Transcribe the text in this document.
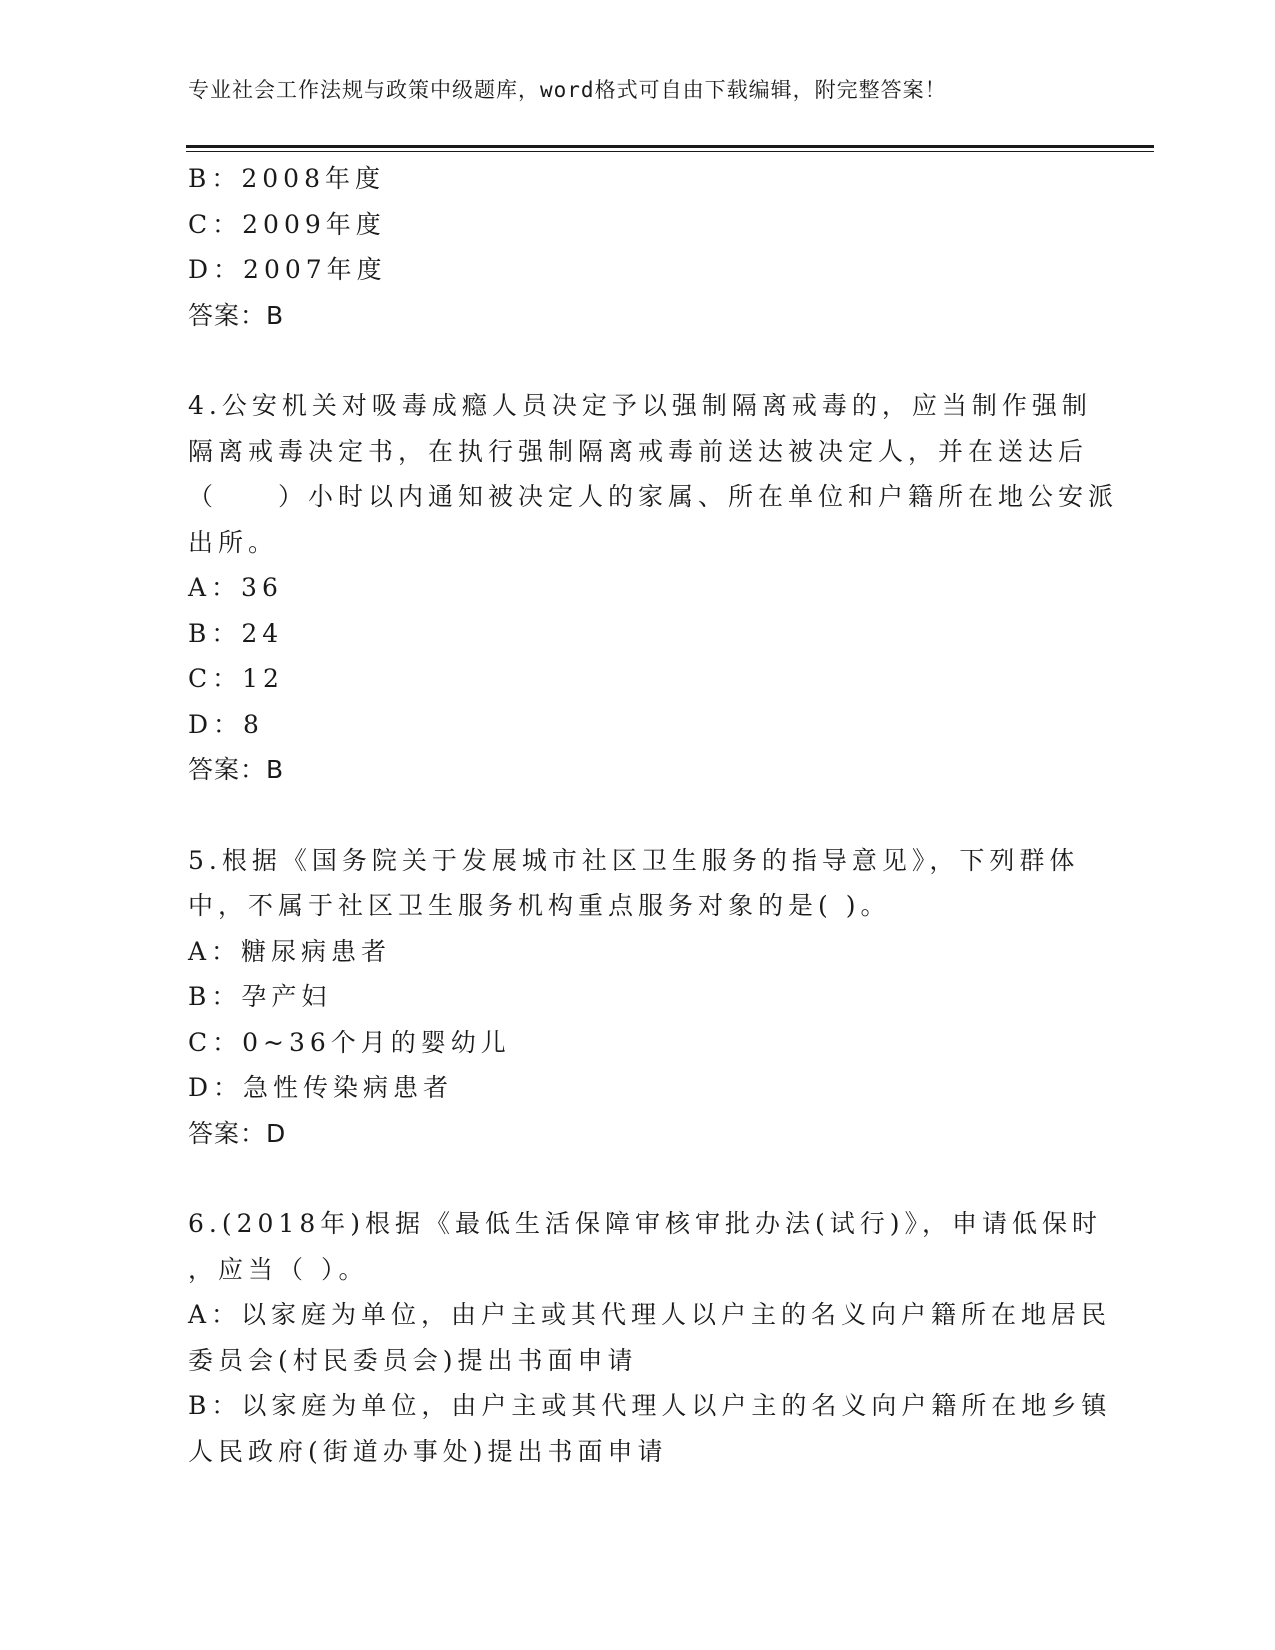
专业社会工作法规与政策中级题库，word格式可自由下载编辑，附完整答案！
B：2008年度
C：2009年度
D：2007年度
答案：B
4.公安机关对吸毒成瘾人员决定予以强制隔离戒毒的，应当制作强制
隔离戒毒决定书，在执行强制隔离戒毒前送达被决定人，并在送达后
（　　）小时以内通知被决定人的家属、所在单位和户籍所在地公安派
出所。
A：36
B：24
C：12
D：8
答案：B
5.根据《国务院关于发展城市社区卫生服务的指导意见》，下列群体
中，不属于社区卫生服务机构重点服务对象的是( )。
A：糖尿病患者
B：孕产妇
C：0~36个月的婴幼儿
D：急性传染病患者
答案：D
6.(2018年)根据《最低生活保障审核审批办法(试行)》，申请低保时
，应当（ ）。
A：以家庭为单位，由户主或其代理人以户主的名义向户籍所在地居民
委员会(村民委员会)提出书面申请
B：以家庭为单位，由户主或其代理人以户主的名义向户籍所在地乡镇
人民政府(街道办事处)提出书面申请
